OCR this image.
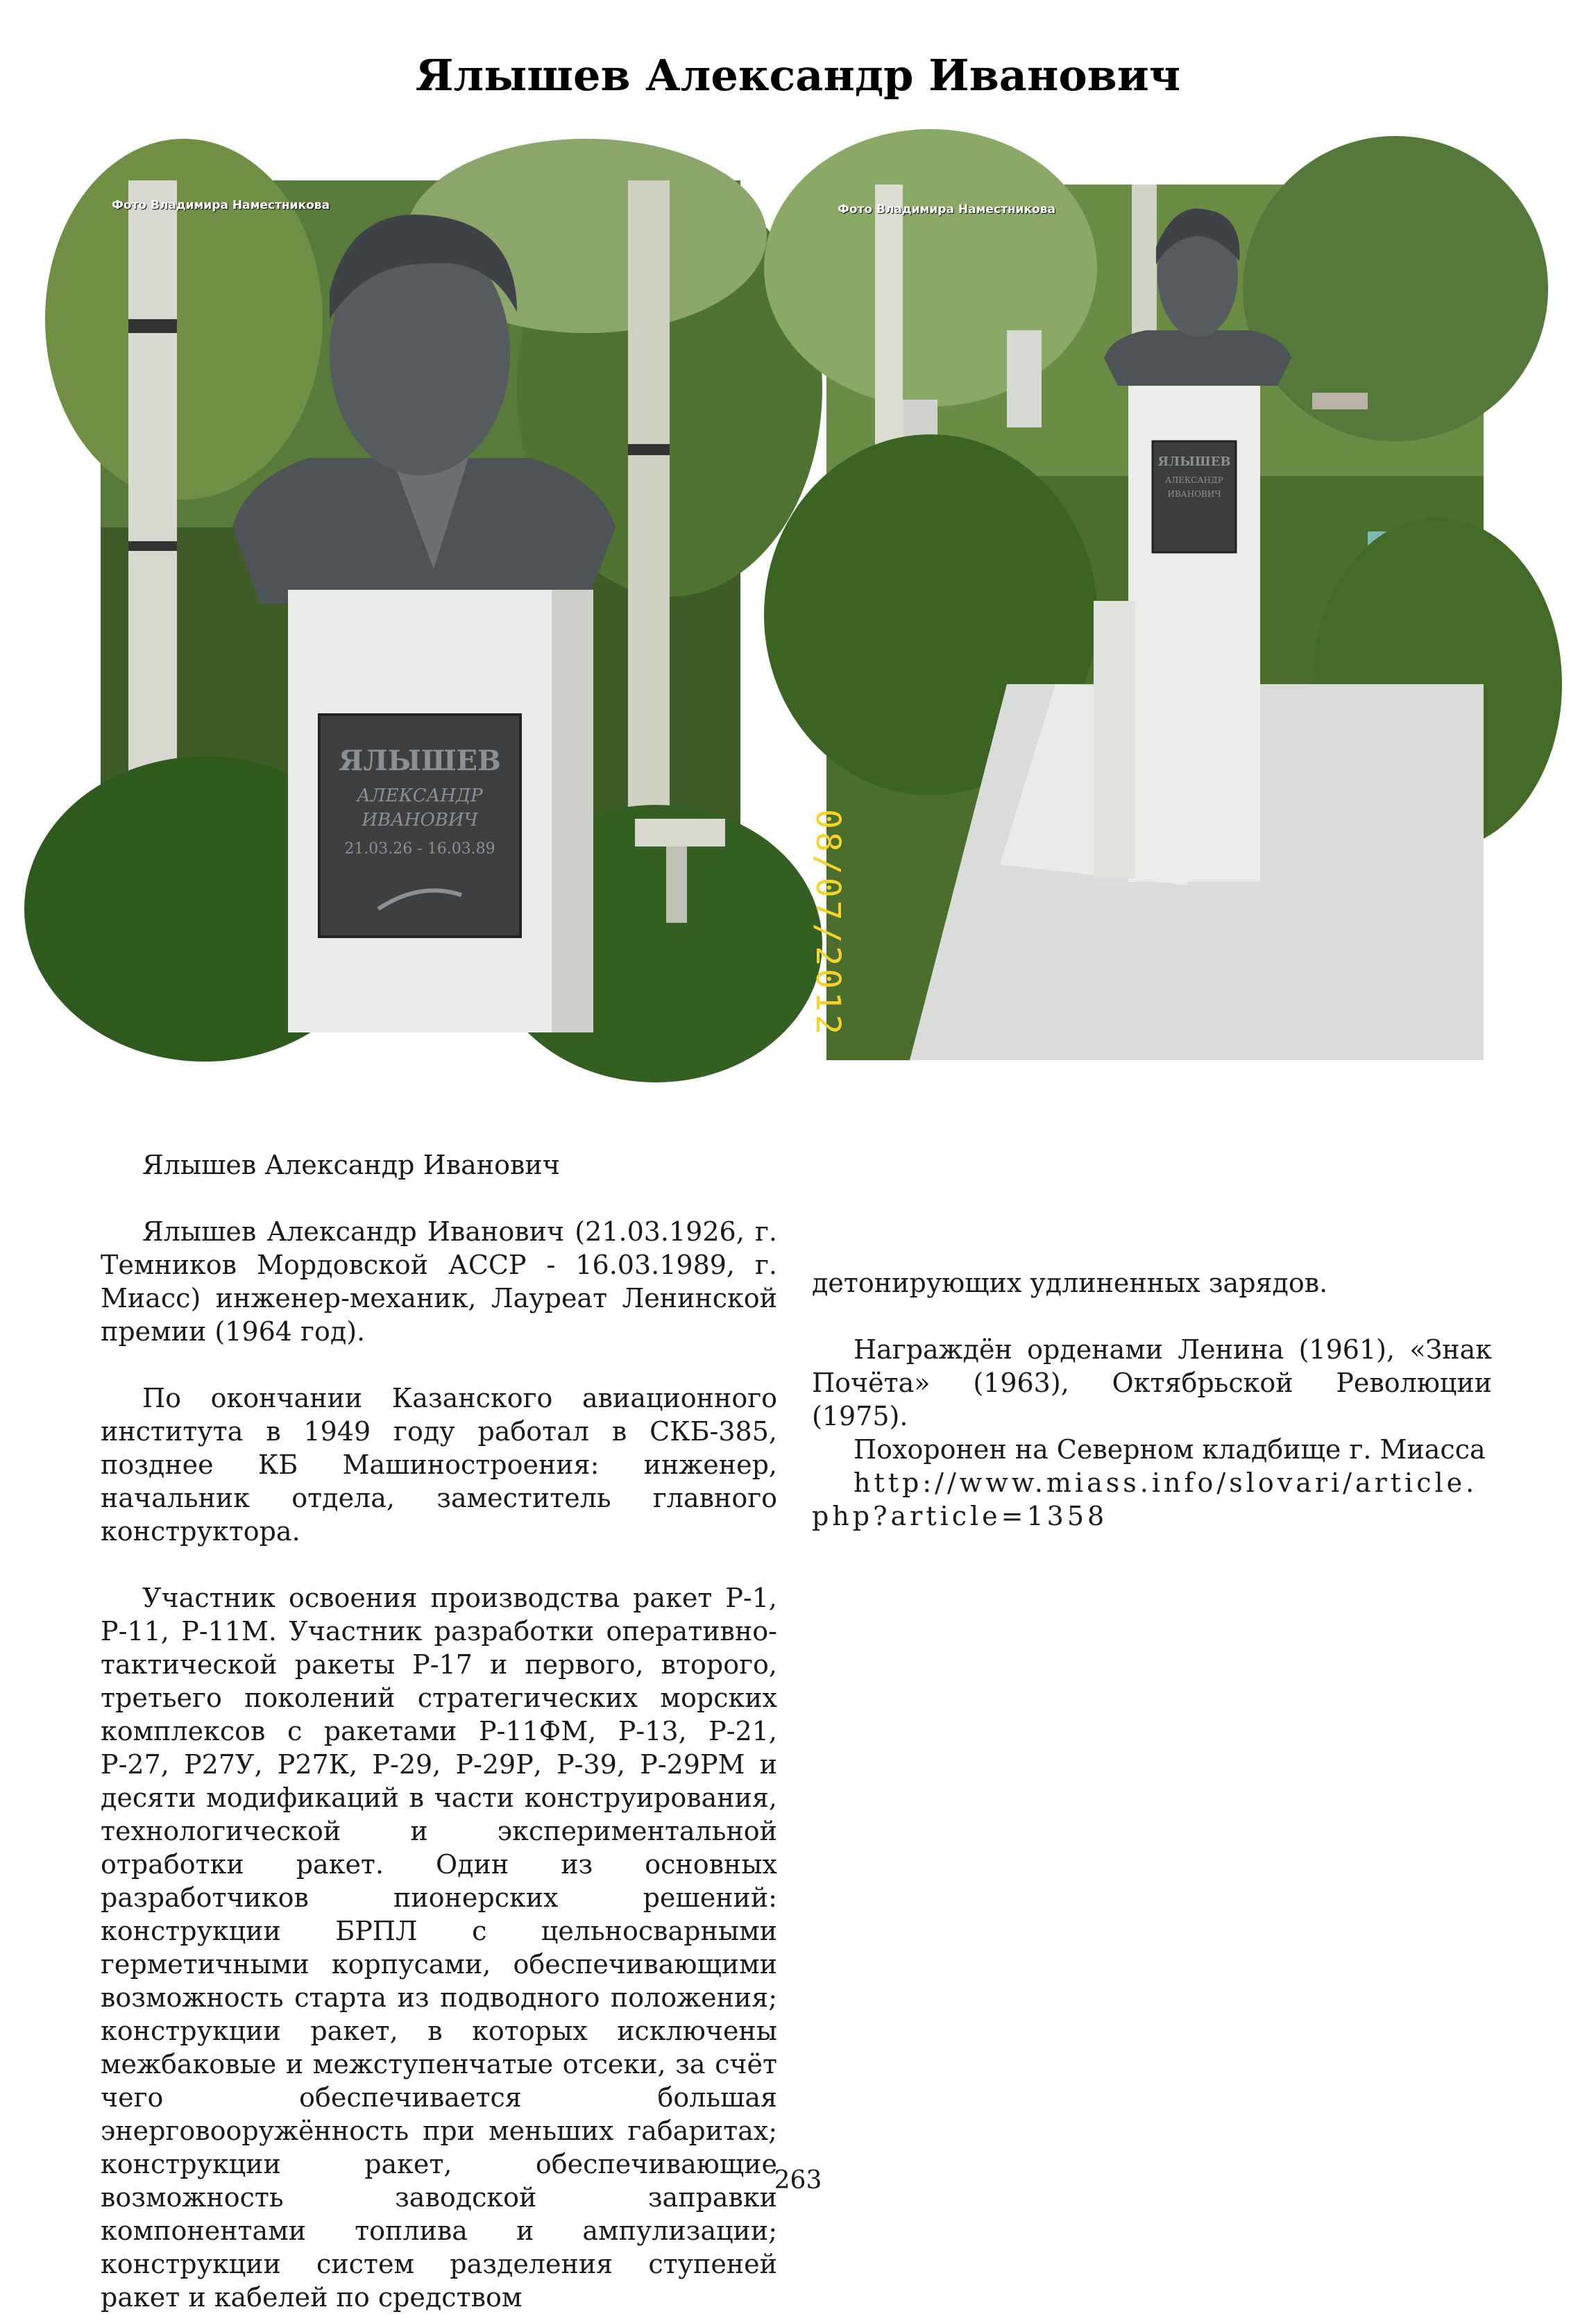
Ялышев Александр Иванович
ЯЛЫШЕВ
АЛЕКСАНДР
ИВАНОВИЧ
21.03.26 - 16.03.89
Фото Владимира Наместникова
ЯЛЫШЕВ
АЛЕКСАНДР
ИВАНОВИЧ
Фото Владимира Наместникова
08/07/2012

Ялышев Александр Иванович

Ялышев Александр Иванович (21.03.1926, г. Темников Мордовской АССР - 16.03.1989, г. Миасс) инженер-механик, Лауреат Ленинской премии (1964 год).

По окончании Казанского авиационного института в 1949 году работал в СКБ-385, позднее КБ Машиностроения: инженер, начальник отдела, заместитель главного конструктора.

Участник освоения производства ракет Р-1, Р-11, Р-11М. Участник разработки оперативно-тактической ракеты Р-17 и первого, второго, третьего поколений стратегических морских комплексов с ракетами Р-11ФМ, Р-13, Р-21, Р-27, Р27У, Р27К, Р-29, Р-29Р, Р-39, Р-29РМ и десяти модификаций в части конструирования, технологической и экспериментальной отработки ракет. Один из основных разработчиков пионерских решений: конструкции БРПЛ с цельносварными герметичными корпусами, обеспечивающими возможность старта из подводного положения; конструкции ракет, в которых исключены межбаковые и межступенчатые отсеки, за счёт чего обеспечивается большая энерговооружённость при меньших габаритах; конструкции ракет, обеспечивающие возможность заводской заправки компонентами топлива и ампулизации; конструкции систем разделения ступеней ракет и кабелей по средством

детонирующих удлиненных зарядов.

Награждён орденами Ленина (1961), «Знак Почёта» (1963), Октябрьской Революции (1975).

Похоронен на Северном кладбище г. Миасса

http://www.miass.info/slovari/article.php?article=1358

263
